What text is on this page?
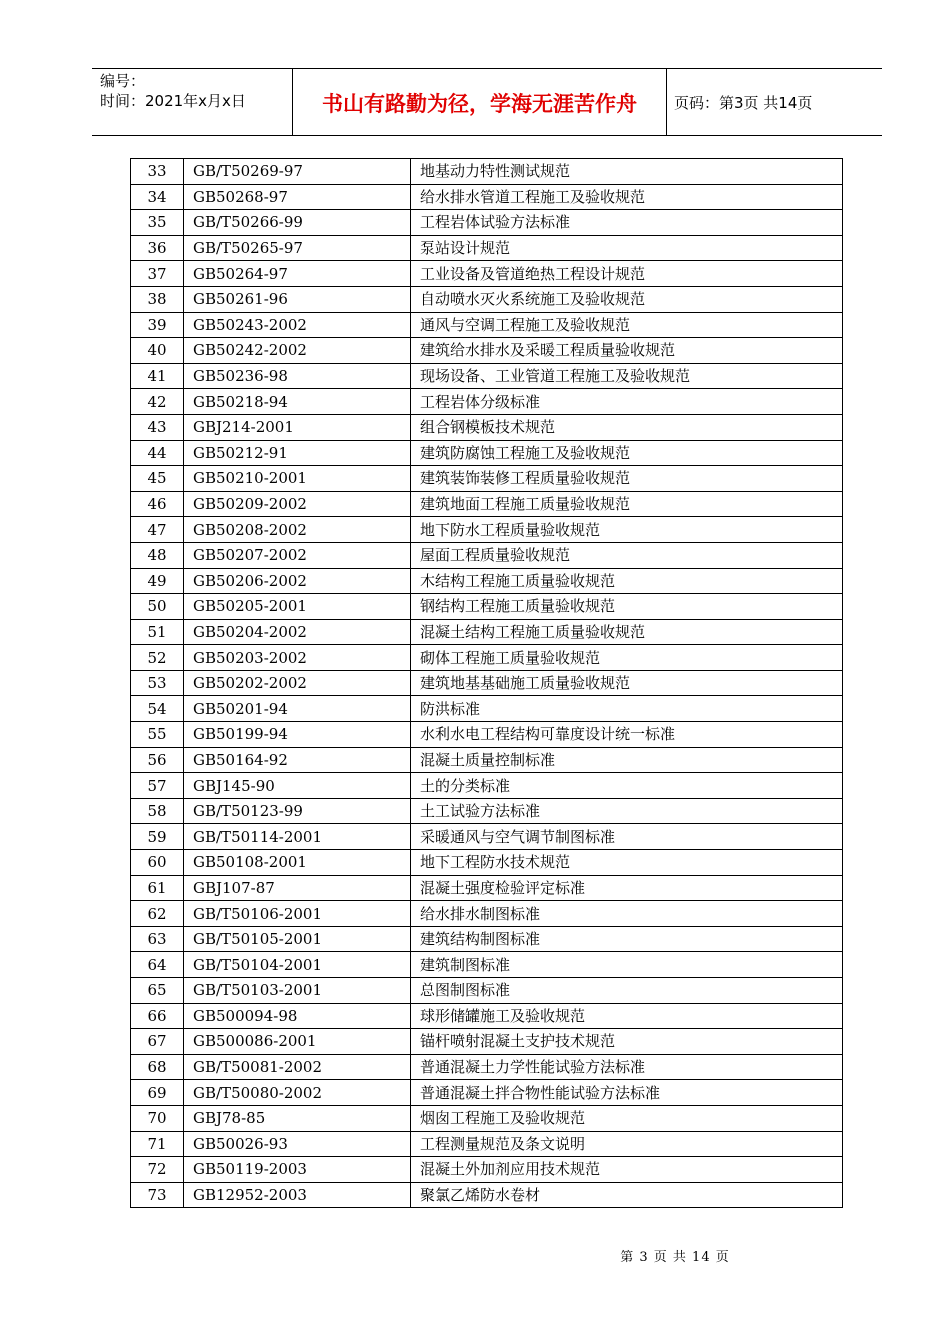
编号：
时间：2021年x月x日	书山有路勤为径，学海无涯苦作舟	页码：第3页 共14页
33	GB/T50269-97	地基动力特性测试规范
34	GB50268-97	给水排水管道工程施工及验收规范
35	GB/T50266-99	工程岩体试验方法标准
36	GB/T50265-97	泵站设计规范
37	GB50264-97	工业设备及管道绝热工程设计规范
38	GB50261-96	自动喷水灭火系统施工及验收规范
39	GB50243-2002	通风与空调工程施工及验收规范
40	GB50242-2002	建筑给水排水及采暖工程质量验收规范
41	GB50236-98	现场设备、工业管道工程施工及验收规范
42	GB50218-94	工程岩体分级标准
43	GBJ214-2001	组合钢模板技术规范
44	GB50212-91	建筑防腐蚀工程施工及验收规范
45	GB50210-2001	建筑装饰装修工程质量验收规范
46	GB50209-2002	建筑地面工程施工质量验收规范
47	GB50208-2002	地下防水工程质量验收规范
48	GB50207-2002	屋面工程质量验收规范
49	GB50206-2002	木结构工程施工质量验收规范
50	GB50205-2001	钢结构工程施工质量验收规范
51	GB50204-2002	混凝土结构工程施工质量验收规范
52	GB50203-2002	砌体工程施工质量验收规范
53	GB50202-2002	建筑地基基础施工质量验收规范
54	GB50201-94	防洪标准
55	GB50199-94	水利水电工程结构可靠度设计统一标准
56	GB50164-92	混凝土质量控制标准
57	GBJ145-90	土的分类标准
58	GB/T50123-99	土工试验方法标准
59	GB/T50114-2001	采暖通风与空气调节制图标准
60	GB50108-2001	地下工程防水技术规范
61	GBJ107-87	混凝土强度检验评定标准
62	GB/T50106-2001	给水排水制图标准
63	GB/T50105-2001	建筑结构制图标准
64	GB/T50104-2001	建筑制图标准
65	GB/T50103-2001	总图制图标准
66	GB500094-98	球形储罐施工及验收规范
67	GB500086-2001	锚杆喷射混凝土支护技术规范
68	GB/T50081-2002	普通混凝土力学性能试验方法标准
69	GB/T50080-2002	普通混凝土拌合物性能试验方法标准
70	GBJ78-85	烟囱工程施工及验收规范
71	GB50026-93	工程测量规范及条文说明
72	GB50119-2003	混凝土外加剂应用技术规范
73	GB12952-2003	聚氯乙烯防水卷材
第 3 页 共 14 页
